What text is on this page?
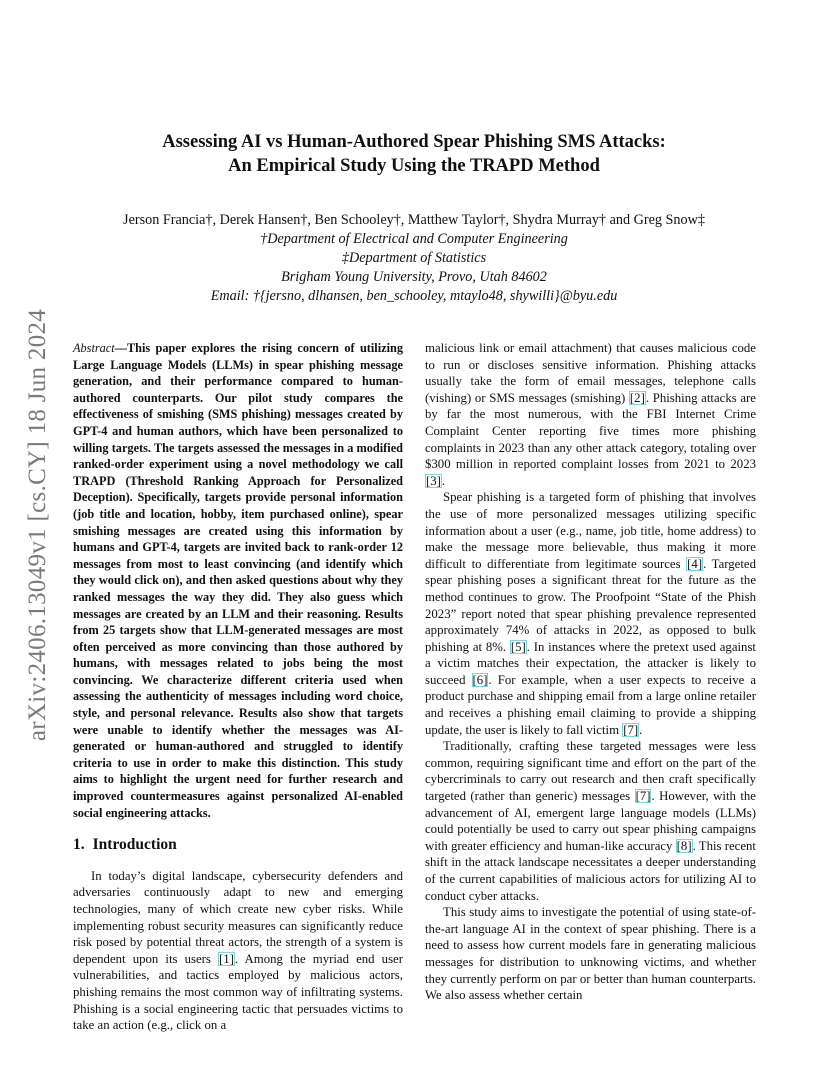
arXiv:2406.13049v1 [cs.CY] 18 Jun 2024
Assessing AI vs Human-Authored Spear Phishing SMS Attacks:
An Empirical Study Using the TRAPD Method
Jerson Francia†, Derek Hansen†, Ben Schooley†, Matthew Taylor†, Shydra Murray† and Greg Snow‡
†Department of Electrical and Computer Engineering
‡Department of Statistics
Brigham Young University, Provo, Utah 84602
Email: †{jersno, dlhansen, ben_schooley, mtaylo48, shywilli}@byu.edu

Abstract—This paper explores the rising concern of utilizing Large Language Models (LLMs) in spear phishing message generation, and their performance compared to human-authored counterparts. Our pilot study compares the effectiveness of smishing (SMS phishing) messages created by GPT-4 and human authors, which have been personalized to willing targets. The targets assessed the messages in a modified ranked-order experiment using a novel methodology we call TRAPD (Threshold Ranking Approach for Personalized Deception). Specifically, targets provide personal information (job title and location, hobby, item purchased online), spear smishing messages are created using this information by humans and GPT-4, targets are invited back to rank-order 12 messages from most to least convincing (and identify which they would click on), and then asked questions about why they ranked messages the way they did. They also guess which messages are created by an LLM and their reasoning. Results from 25 targets show that LLM-generated messages are most often perceived as more convincing than those authored by humans, with messages related to jobs being the most convincing. We characterize different criteria used when assessing the authenticity of messages including word choice, style, and personal relevance. Results also show that targets were unable to identify whether the messages was AI-generated or human-authored and struggled to identify criteria to use in order to make this distinction. This study aims to highlight the urgent need for further research and improved countermeasures against personalized AI-enabled social engineering attacks.

1. Introduction

In today’s digital landscape, cybersecurity defenders and adversaries continuously adapt to new and emerging technologies, many of which create new cyber risks. While implementing robust security measures can significantly reduce risk posed by potential threat actors, the strength of a system is dependent upon its users [1]. Among the myriad end user vulnerabilities, and tactics employed by malicious actors, phishing remains the most common way of infiltrating systems. Phishing is a social engineering tactic that persuades victims to take an action (e.g., click on a

malicious link or email attachment) that causes malicious code to run or discloses sensitive information. Phishing attacks usually take the form of email messages, telephone calls (vishing) or SMS messages (smishing) [2]. Phishing attacks are by far the most numerous, with the FBI Internet Crime Complaint Center reporting five times more phishing complaints in 2023 than any other attack category, totaling over $300 million in reported complaint losses from 2021 to 2023 [3].

Spear phishing is a targeted form of phishing that involves the use of more personalized messages utilizing specific information about a user (e.g., name, job title, home address) to make the message more believable, thus making it more difficult to differentiate from legitimate sources [4]. Targeted spear phishing poses a significant threat for the future as the method continues to grow. The Proofpoint “State of the Phish 2023” report noted that spear phishing prevalence represented approximately 74% of attacks in 2022, as opposed to bulk phishing at 8%. [5]. In instances where the pretext used against a victim matches their expectation, the attacker is likely to succeed [6]. For example, when a user expects to receive a product purchase and shipping email from a large online retailer and receives a phishing email claiming to provide a shipping update, the user is likely to fall victim [7].

Traditionally, crafting these targeted messages were less common, requiring significant time and effort on the part of the cybercriminals to carry out research and then craft specifically targeted (rather than generic) messages [7]. However, with the advancement of AI, emergent large language models (LLMs) could potentially be used to carry out spear phishing campaigns with greater efficiency and human-like accuracy [8]. This recent shift in the attack landscape necessitates a deeper understanding of the current capabilities of malicious actors for utilizing AI to conduct cyber attacks.

This study aims to investigate the potential of using state-of-the-art language AI in the context of spear phishing. There is a need to assess how current models fare in generating malicious messages for distribution to unknowing victims, and whether they currently perform on par or better than human counterparts. We also assess whether certain
